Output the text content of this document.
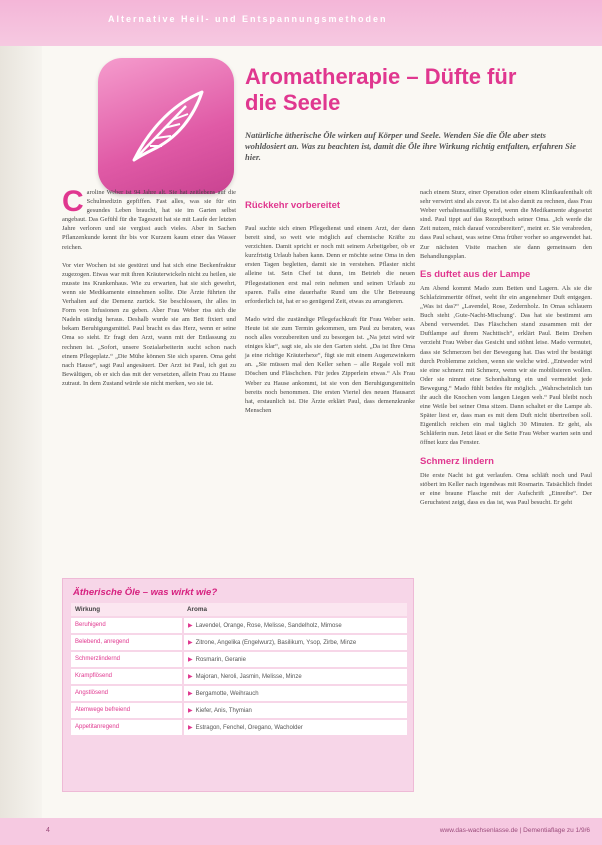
Alternative Heil- und Entspannungsmethoden
Aromatherapie – Düfte für
die Seele

Natürliche ätherische Öle wirken auf Körper und Seele. Wenden Sie die Öle aber stets wohldosiert an. Was zu beachten ist, damit die Öle ihre Wirkung richtig entfalten, erfahren Sie hier.

Caroline Weber ist 94 Jahre alt. Sie hat zeitlebens auf die Schulmedizin gepfiffen. Fast alles, was sie für ein gesundes Leben braucht, hat sie im Garten selbst angebaut. Das Gefühl für die Tageszeit hat sie mit Laufe der letzten Jahre verloren und sie vergisst auch vieles. Aber in Sachen Pflanzenkunde kennt ihr bis vor Kurzem kaum einer das Wasser reichen.

Vor vier Wochen ist sie gestürzt und hat sich eine Beckenfraktur zugezogen. Etwas war mit ihren Kräuterwickeln nicht zu heilen, sie musste ins Krankenhaus. Wie zu erwarten, hat sie sich gewehrt, wenn sie Medikamente einnehmen sollte. Die Ärzte führten ihr Verhalten auf die Demenz zurück. Sie beschlossen, ihr alles in Form von Infusionen zu geben. Aber Frau Weber riss sich die Nadeln ständig heraus. Deshalb wurde sie am Bett fixiert und bekam Beruhigungsmittel. Paul bracht es das Herz, wenn er seine Oma so sieht. Er fragt den Arzt, wann mit der Entlassung zu rechnen ist. „Sofort, unsere Sozialarbeiterin sucht schon nach einem Pflegeplatz.“ „Die Mühe können Sie sich sparen. Oma geht nach Hause“, sagt Paul angesäuert. Der Arzt ist Paul, ich gut zu Bewältigen, ob er sich das mit der versetzten, allein Frau zu Hause zutraut. In dem Zustand würde sie nicht merken, wo sie ist.

Rückkehr vorbereitet

Paul suchte sich einen Pflegedienst und einem Arzt, der dann bereit sind, so weit wie möglich auf chemische Kräfte zu verzichten. Damit spricht er noch mit seinem Arbeitgeber, ob er kurzfristig Urlaub haben kann. Denn er möchte seine Oma in den ersten Tagen begleiten, damit sie in verstehen. Pflaster nicht alleine ist. Sein Chef ist dunn, im Betrieb die neuen Pflegestationen erst mal rein nehmen und seinen Urlaub zu sparen. Falls eine dauerhafte Rund um die Uhr Betreuung erforderlich ist, hat er so genügend Zeit, etwas zu arrangieren.

Mado wird die zuständige Pflegefachkraft für Frau Weber sein. Heute ist sie zum Termin gekommen, um Paul zu beraten, was noch alles vorzubereiten und zu besorgen ist. „Na jetzt wird wir einiges klar“, sagt sie, als sie den Garten sieht. „Da ist Ihre Oma ja eine richtige Kräuterhexe“, fügt sie mit einem Augenzwinkern an. „Sie müssen mal den Keller sehen – alle Regale voll mit Döschen und Fläschchen. Für jedes Zipperlein etwas.“ Als Frau Weber zu Hause ankommt, ist sie von den Beruhigungsmitteln bereits noch benommen. Die ersten Viertel des neuen Hausarzt hat, erstaunlich ist. Die Ärzte erklärt Paul, dass demenzkranke Menschen

nach einem Sturz, einer Operation oder einem Klinikaufenthalt oft sehr verwirrt sind als zuvor. Es ist also damit zu rechnen, dass Frau Weber verhaltensauffällig wird, wenn die Medikamente abgesetzt sind. Paul tippt auf das Rezeptbuch seiner Oma. „Ich werde die Zeit nutzen, mich darauf vorzubereiten“, meint er. Sie verabreden, dass Paul schaut, was seine Oma früher vorher so angewendet hat. Zur nächsten Visite machen sie dann gemeinsam den Behandlungsplan.

Es duftet aus der Lampe

Am Abend kommt Mado zum Betten und Lagern. Als sie die Schlafzimmertür öffnet, weht ihr ein angenehmer Duft entgegen. „Was ist das?“ „Lavendel, Rose, Zedernholz. In Omas schlauem Buch steht ‚Gute-Nacht-Mischung‘. Das hat sie bestimmt am Abend verwendet. Das Fläschchen stand zusammen mit der Duftlampe auf ihrem Nachttisch“, erklärt Paul. Beim Drehen verzieht Frau Weber das Gesicht und stöhnt leise. Mado vermutet, dass sie Schmerzen bei der Bewegung hat. Das wird ihr bestätigt durch Problemme zeichen, wenn sie welche wird. „Entweder wird sie eine schmerz mit Schmerz, wenn wir sie mobilisieren wollen. Oder sie nimmt eine Schonhaltung ein und vermeidet jede Bewegung.“ Mado fühlt beides für möglich. „Wahrscheinlich tun ihr auch die Knochen vom langen Liegen weh.“ Paul bleibt noch eine Weile bei seiner Oma sitzen. Dann schaltet er die Lampe ab. Später liest er, dass man es mit dem Duft nicht übertreiben soll. Eigentlich reichen ein mal täglich 30 Minuten. Er geht, als Schläferin nun. Jetzt lässt er die Seite Frau Weber warten sein und öffnet kurz das Fenster.

Schmerz lindern

Die erste Nacht ist gut verlaufen. Oma schläft noch und Paul stöbert im Keller nach irgendwas mit Rosmarin. Tatsächlich findet er eine braune Flasche mit der Aufschrift „Einreibe“. Der Geruchstest zeigt, dass es das ist, was Paul besucht. Er geht

Ätherische Öle – was wirkt wie?
Wirkung	Aroma
Beruhigend	▶ Lavendel, Orange, Rose, Melisse, Sandelholz, Mimose
Belebend, anregend	▶ Zitrone, Angelika (Engelwurz), Basilikum, Ysop, Zirbe, Minze
Schmerzlindernd	▶ Rosmarin, Geranie
Krampflösend	▶ Majoran, Neroli, Jasmin, Melisse, Minze
Angstlösend	▶ Bergamotte, Weihrauch
Atemwege befreiend	▶ Kiefer, Anis, Thymian
Appetitanregend	▶ Estragon, Fenchel, Oregano, Wacholder
4	www.das-wachsenlasse.de | Dementiaflage zu 1/9/6
